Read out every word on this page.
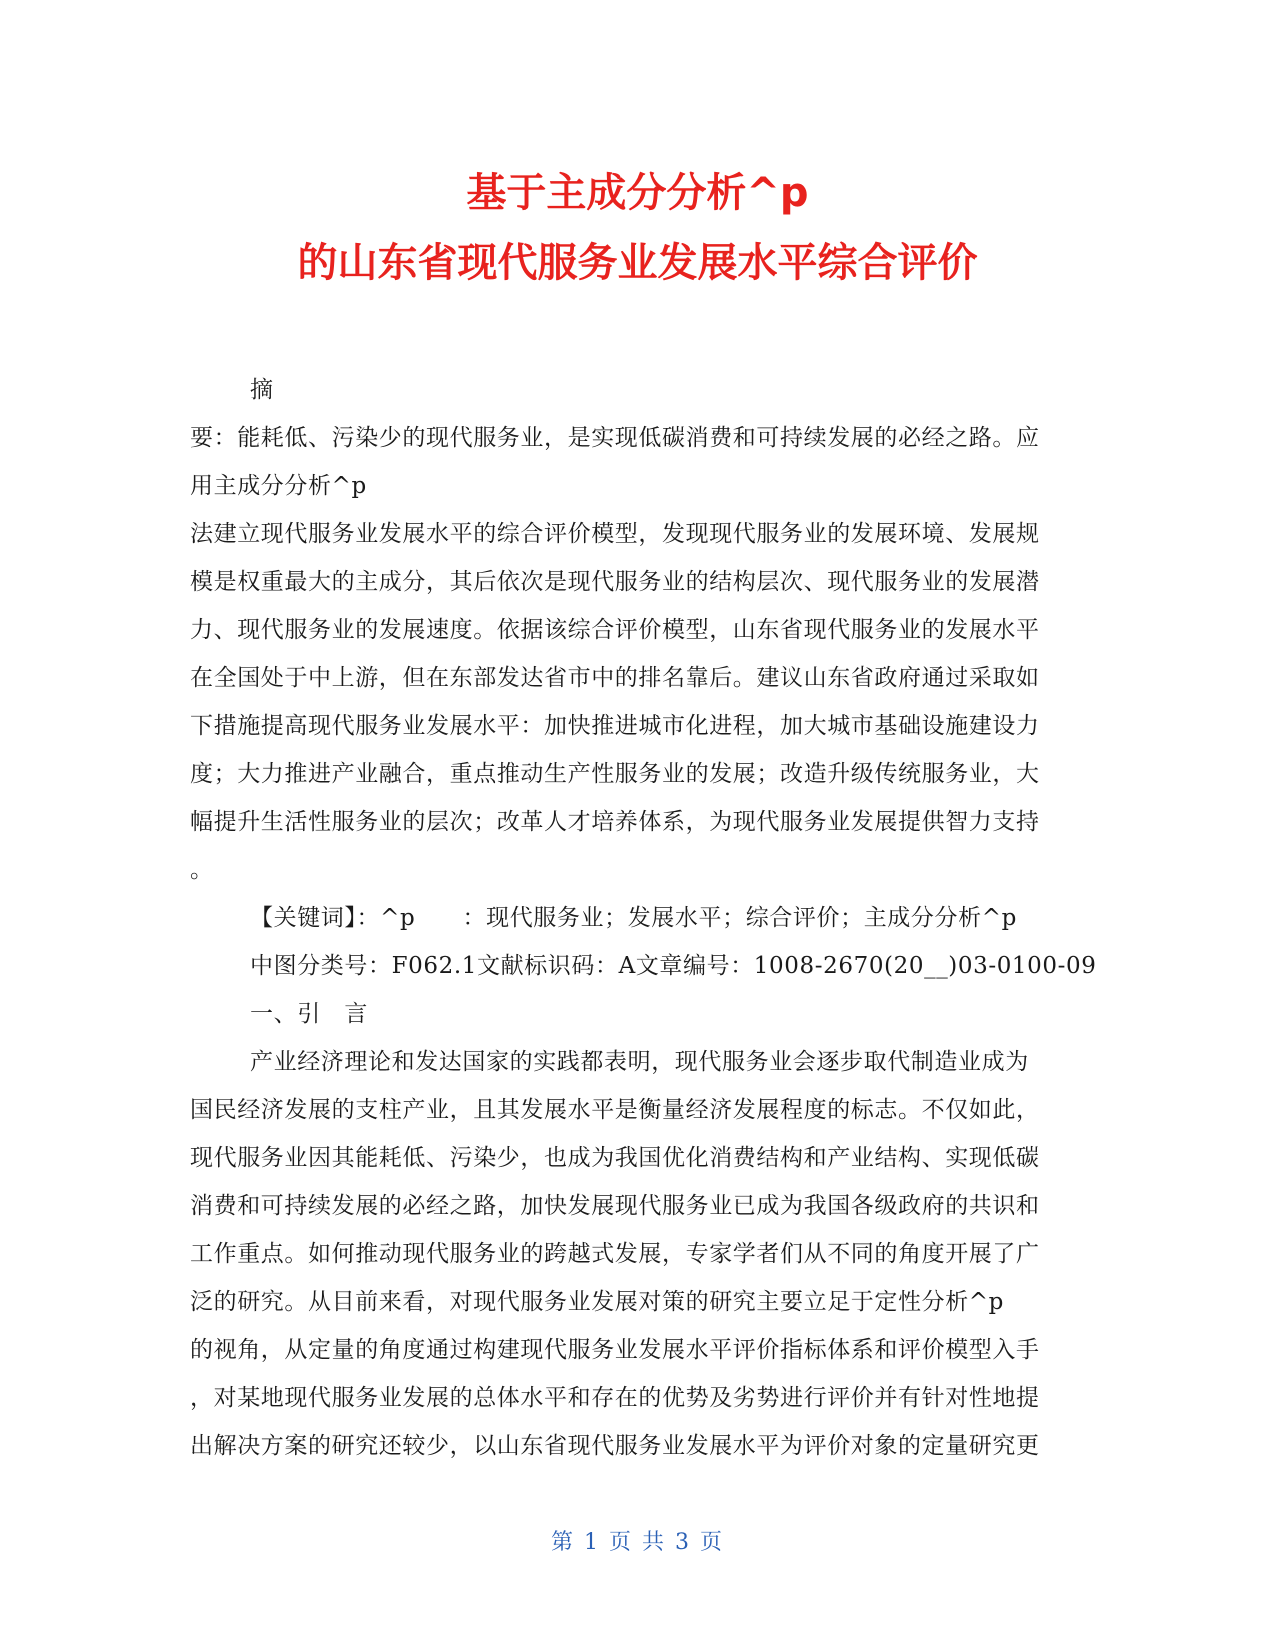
基于主成分分析^p
的山东省现代服务业发展水平综合评价
摘
要：能耗低、污染少的现代服务业，是实现低碳消费和可持续发展的必经之路。应
用主成分分析^p
法建立现代服务业发展水平的综合评价模型，发现现代服务业的发展环境、发展规
模是权重最大的主成分，其后依次是现代服务业的结构层次、现代服务业的发展潜
力、现代服务业的发展速度。依据该综合评价模型，山东省现代服务业的发展水平
在全国处于中上游，但在东部发达省市中的排名靠后。建议山东省政府通过采取如
下措施提高现代服务业发展水平：加快推进城市化进程，加大城市基础设施建设力
度；大力推进产业融合，重点推动生产性服务业的发展；改造升级传统服务业，大
幅提升生活性服务业的层次；改革人才培养体系，为现代服务业发展提供智力支持
。
【关键词】：^p　　：现代服务业；发展水平；综合评价；主成分分析^p
中图分类号：F062.1文献标识码：A文章编号：1008-2670(20__)03-0100-09
一、引　言
产业经济理论和发达国家的实践都表明，现代服务业会逐步取代制造业成为
国民经济发展的支柱产业，且其发展水平是衡量经济发展程度的标志。不仅如此，
现代服务业因其能耗低、污染少，也成为我国优化消费结构和产业结构、实现低碳
消费和可持续发展的必经之路，加快发展现代服务业已成为我国各级政府的共识和
工作重点。如何推动现代服务业的跨越式发展，专家学者们从不同的角度开展了广
泛的研究。从目前来看，对现代服务业发展对策的研究主要立足于定性分析^p
的视角，从定量的角度通过构建现代服务业发展水平评价指标体系和评价模型入手
，对某地现代服务业发展的总体水平和存在的优势及劣势进行评价并有针对性地提
出解决方案的研究还较少，以山东省现代服务业发展水平为评价对象的定量研究更
第 1 页 共 3 页
